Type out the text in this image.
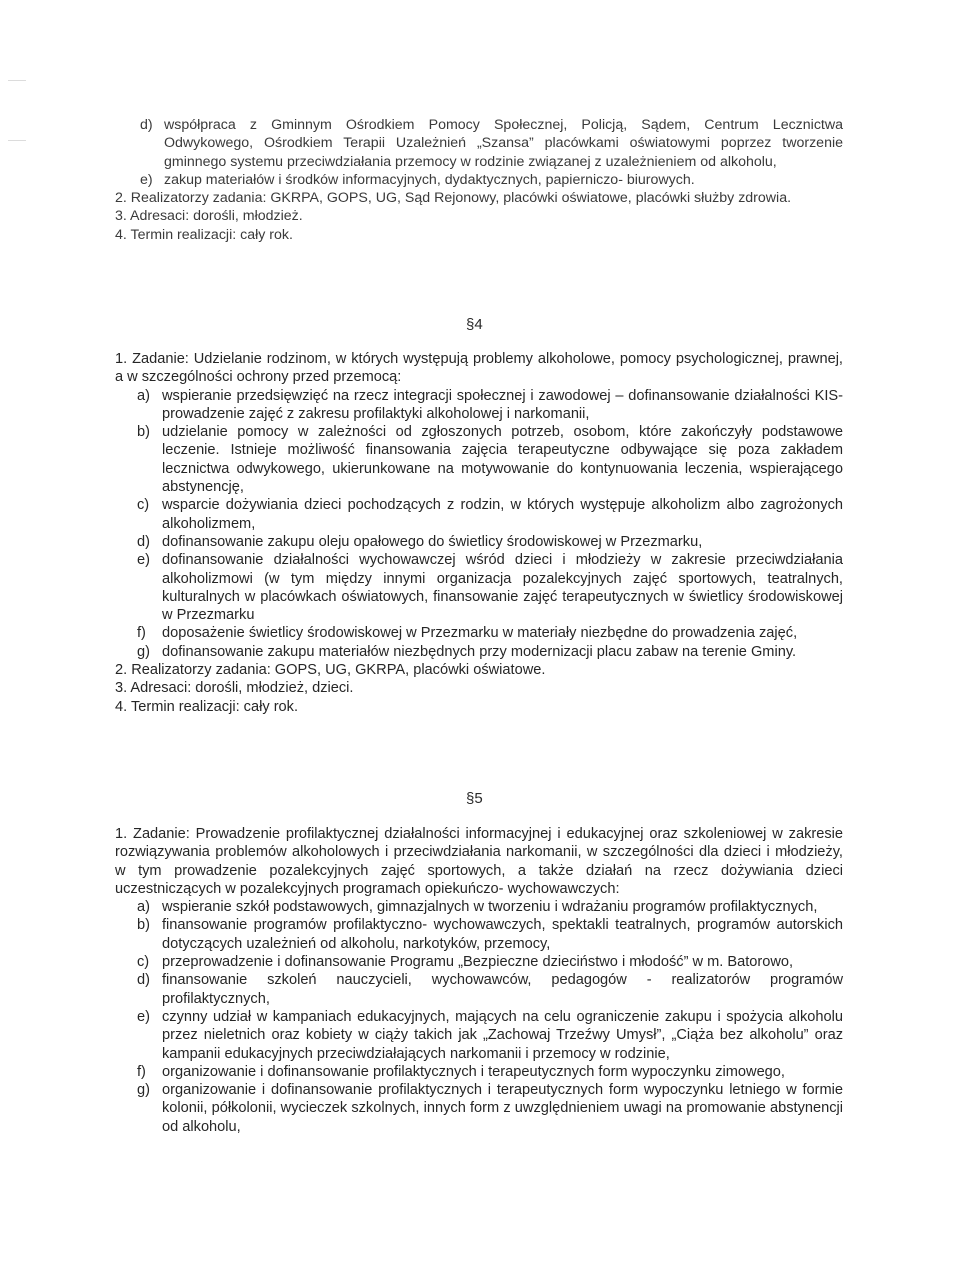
d) współpraca z Gminnym Ośrodkiem Pomocy Społecznej, Policją, Sądem, Centrum Lecznictwa Odwykowego, Ośrodkiem Terapii Uzależnień „Szansa” placówkami oświatowymi poprzez tworzenie gminnego systemu przeciwdziałania przemocy w rodzinie związanej z uzależnieniem od alkoholu,
e) zakup materiałów i środków informacyjnych, dydaktycznych, papierniczo- biurowych.
2. Realizatorzy zadania: GKRPA, GOPS, UG, Sąd Rejonowy, placówki oświatowe, placówki służby zdrowia.
3. Adresaci: dorośli, młodzież.
4. Termin realizacji: cały rok.
§4
1. Zadanie: Udzielanie rodzinom, w których występują problemy alkoholowe, pomocy psychologicznej, prawnej, a w szczególności ochrony przed przemocą:
a) wspieranie przedsięwzięć na rzecz integracji społecznej i zawodowej – dofinansowanie działalności KIS- prowadzenie zajęć z zakresu profilaktyki alkoholowej i narkomanii,
b) udzielanie pomocy w zależności od zgłoszonych potrzeb, osobom, które zakończyły podstawowe leczenie. Istnieje możliwość finansowania zajęcia terapeutyczne odbywające się poza zakładem lecznictwa odwykowego, ukierunkowane na motywowanie do kontynuowania leczenia, wspierającego abstynencję,
c) wsparcie dożywiania dzieci pochodzących z rodzin, w których występuje alkoholizm albo zagrożonych alkoholizmem,
d) dofinansowanie zakupu oleju opałowego do świetlicy środowiskowej w Przezmarku,
e) dofinansowanie działalności wychowawczej wśród dzieci i młodzieży w zakresie przeciwdziałania alkoholizmowi (w tym między innymi organizacja pozalekcyjnych zajęć sportowych, teatralnych, kulturalnych w placówkach oświatowych, finansowanie zajęć terapeutycznych w świetlicy środowiskowej w Przezmarku
f) doposażenie świetlicy środowiskowej w Przezmarku w materiały niezbędne do prowadzenia zajęć,
g) dofinansowanie zakupu materiałów niezbędnych przy modernizacji placu zabaw na terenie Gminy.
2. Realizatorzy zadania: GOPS, UG, GKRPA, placówki oświatowe.
3. Adresaci: dorośli, młodzież, dzieci.
4. Termin realizacji: cały rok.
§5
1. Zadanie: Prowadzenie profilaktycznej działalności informacyjnej i edukacyjnej oraz szkoleniowej w zakresie rozwiązywania problemów alkoholowych i przeciwdziałania narkomanii, w szczególności dla dzieci i młodzieży, w tym prowadzenie pozalekcyjnych zajęć sportowych, a także działań na rzecz dożywiania dzieci uczestniczących w pozalekcyjnych programach opiekuńczo- wychowawczych:
a) wspieranie szkół podstawowych, gimnazjalnych w tworzeniu i wdrażaniu programów profilaktycznych,
b) finansowanie programów profilaktyczno- wychowawczych, spektakli teatralnych, programów autorskich dotyczących uzależnień od alkoholu, narkotyków, przemocy,
c) przeprowadzenie i dofinansowanie Programu „Bezpieczne dzieciństwo i młodość” w m. Batorowo,
d) finansowanie szkoleń nauczycieli, wychowawców, pedagogów - realizatorów programów profilaktycznych,
e) czynny udział w kampaniach edukacyjnych, mających na celu ograniczenie zakupu i spożycia alkoholu przez nieletnich oraz kobiety w ciąży takich jak „Zachowaj Trzeźwy Umysł”, „Ciąża bez alkoholu” oraz kampanii edukacyjnych przeciwdziałających narkomanii i przemocy w rodzinie,
f) organizowanie i dofinansowanie profilaktycznych i terapeutycznych form wypoczynku zimowego,
g) organizowanie i dofinansowanie profilaktycznych i terapeutycznych form wypoczynku letniego w formie kolonii, półkolonii, wycieczek szkolnych, innych form z uwzględnieniem uwagi na promowanie abstynencji od alkoholu,
